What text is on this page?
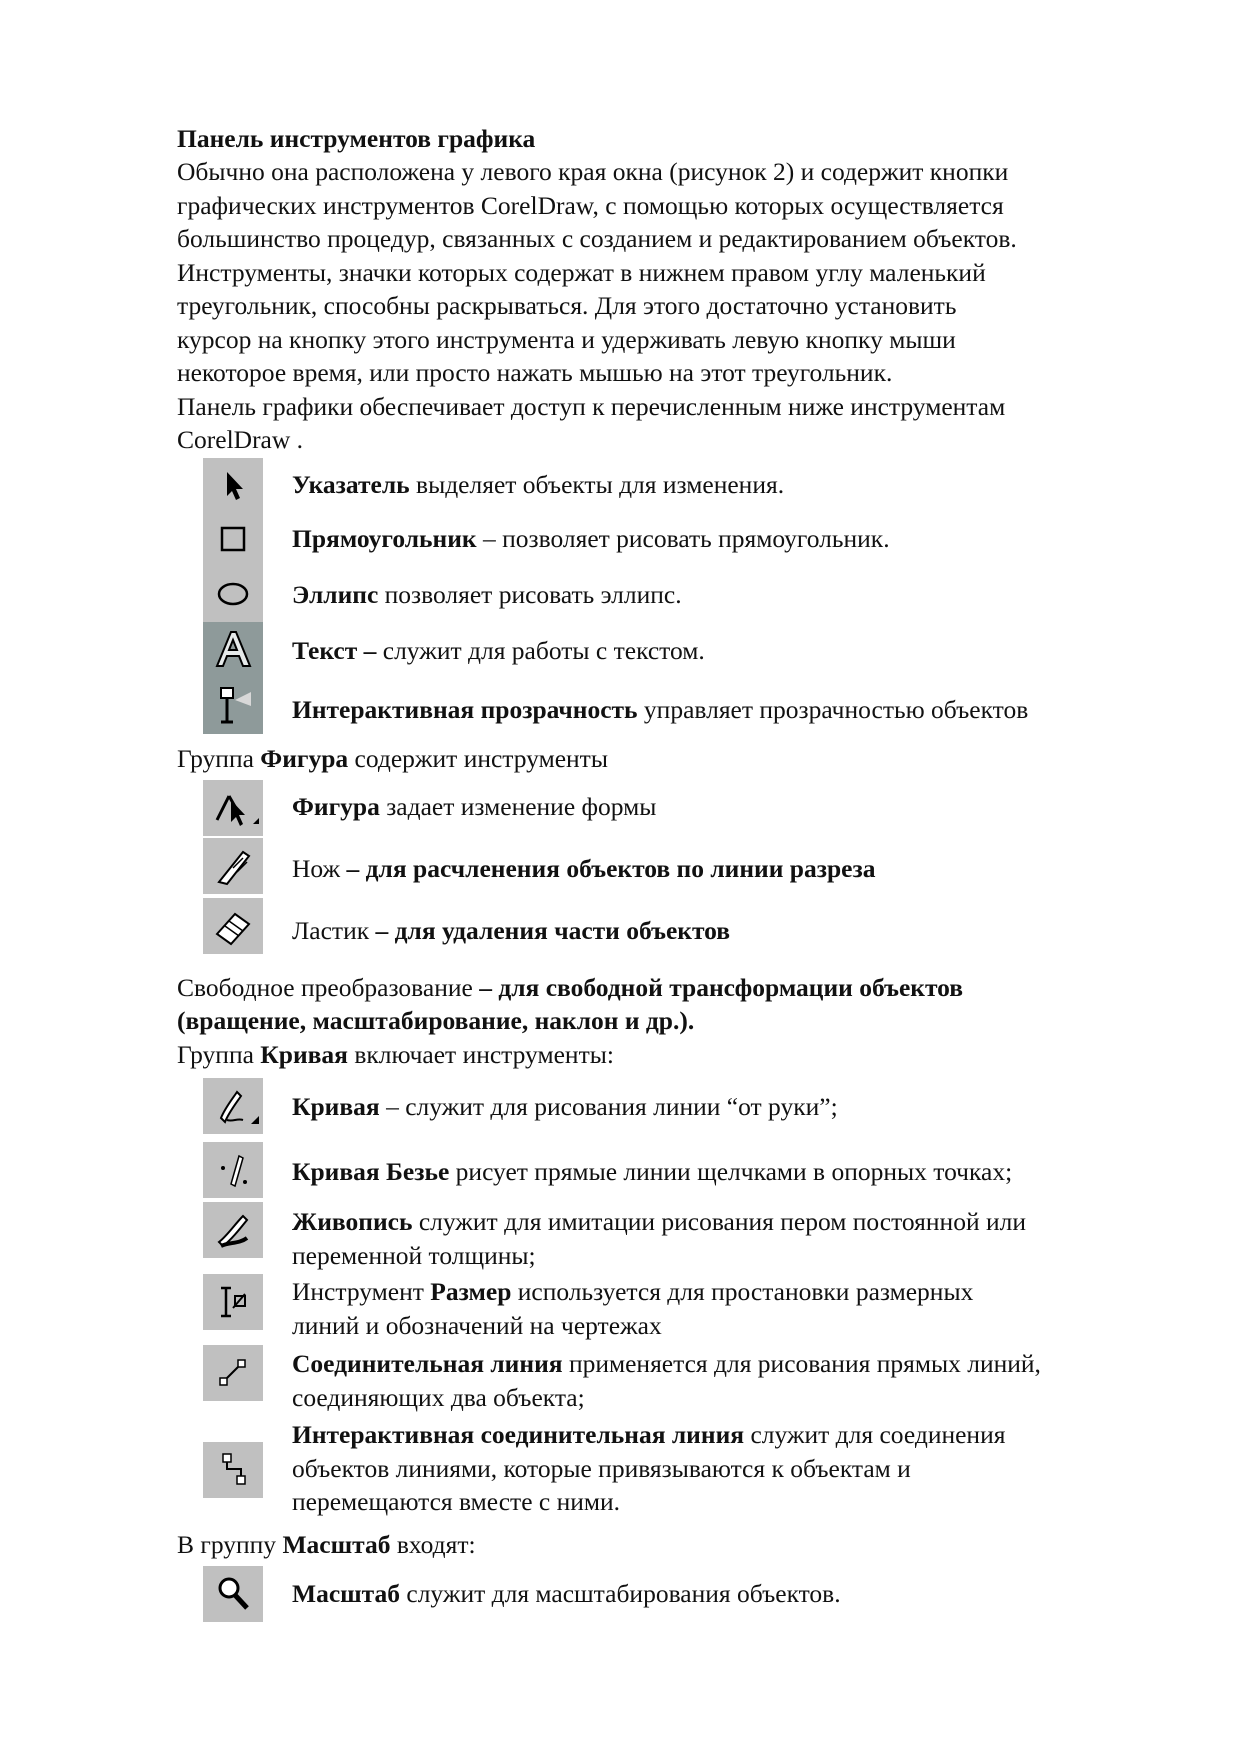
Панель инструментов графика
Обычно она расположена у левого края окна (рисунок 2) и содержит кнопки
графических инструментов CorelDraw, с помощью которых осуществляется
большинство процедур, связанных с созданием и редактированием объектов.
Инструменты, значки которых содержат в нижнем правом углу маленький
треугольник, способны раскрываться. Для этого достаточно установить
курсор на кнопку этого инструмента и удерживать левую кнопку мыши
некоторое время, или просто нажать мышью на этот треугольник.
Панель графики обеспечивает доступ к перечисленным ниже инструментам
CorelDraw .
Указатель выделяет объекты для изменения.
Прямоугольник – позволяет рисовать прямоугольник.
Эллипс позволяет рисовать эллипс.
Текст – служит для работы с текстом.
Интерактивная прозрачность управляет прозрачностью объектов
Группа Фигура содержит инструменты
Фигура задает изменение формы
Нож – для расчленения объектов по линии разреза
Ластик – для удаления части объектов
Свободное преобразование – для свободной трансформации объектов
(вращение, масштабирование, наклон и др.).
Группа Кривая включает инструменты:
Кривая – служит для рисования линии “от руки”;
Кривая Безье рисует прямые линии щелчками в опорных точках;
Живопись служит для имитации рисования пером постоянной или
переменной толщины;
Инструмент Размер используется для простановки размерных
линий и обозначений на чертежах
Соединительная линия применяется для рисования прямых линий,
соединяющих два объекта;
Интерактивная соединительная линия служит для соединения
объектов линиями, которые привязываются к объектам и
перемещаются вместе с ними.
В группу Масштаб входят:
Масштаб служит для масштабирования объектов.
